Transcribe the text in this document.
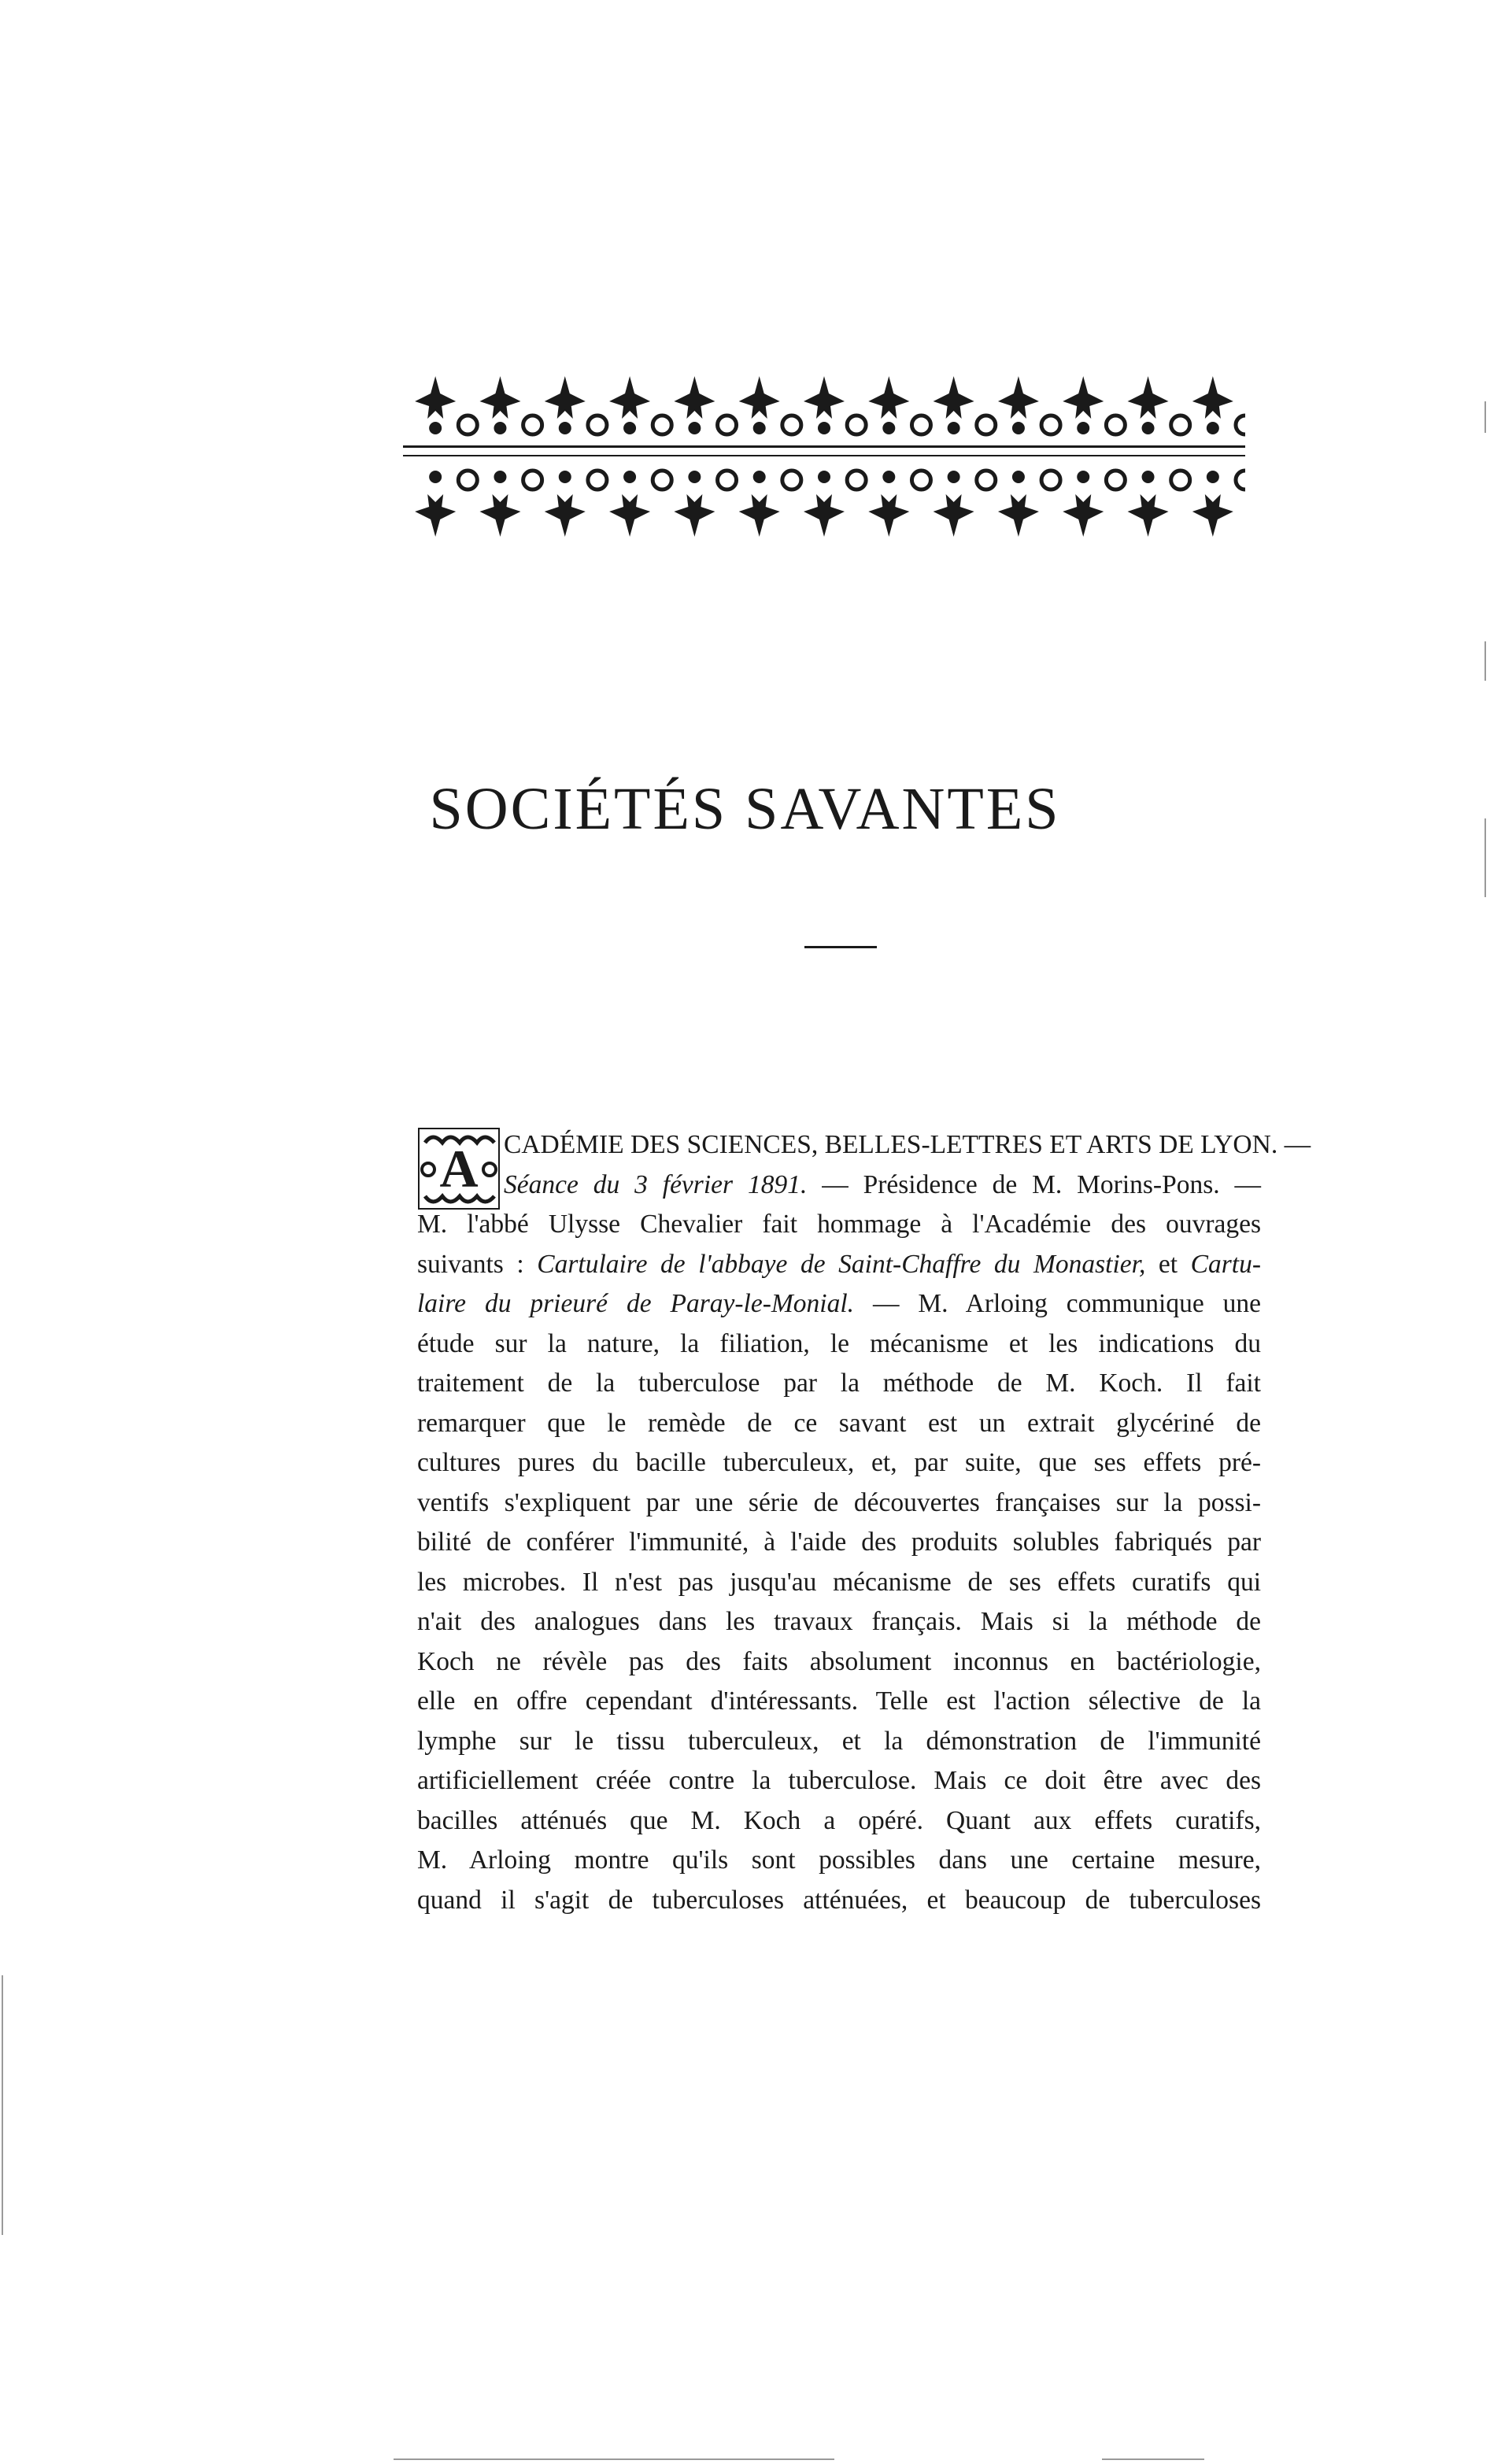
SOCIÉTÉS SAVANTES
A CADÉMIE DES SCIENCES, BELLES-LETTRES ET ARTS DE LYON. —
Séance du 3 février 1891. — Présidence de M. Morins-Pons. —
M. l'abbé Ulysse Chevalier fait hommage à l'Académie des ouvrages
suivants : Cartulaire de l'abbaye de Saint-Chaffre du Monastier, et Cartu-
laire du prieuré de Paray-le-Monial. — M. Arloing communique une
étude sur la nature, la filiation, le mécanisme et les indications du
traitement de la tuberculose par la méthode de M. Koch. Il fait
remarquer que le remède de ce savant est un extrait glycériné de
cultures pures du bacille tuberculeux, et, par suite, que ses effets pré-
ventifs s'expliquent par une série de découvertes françaises sur la possi-
bilité de conférer l'immunité, à l'aide des produits solubles fabriqués par
les microbes. Il n'est pas jusqu'au mécanisme de ses effets curatifs qui
n'ait des analogues dans les travaux français. Mais si la méthode de
Koch ne révèle pas des faits absolument inconnus en bactériologie,
elle en offre cependant d'intéressants. Telle est l'action sélective de la
lymphe sur le tissu tuberculeux, et la démonstration de l'immunité
artificiellement créée contre la tuberculose. Mais ce doit être avec des
bacilles atténués que M. Koch a opéré. Quant aux effets curatifs,
M. Arloing montre qu'ils sont possibles dans une certaine mesure,
quand il s'agit de tuberculoses atténuées, et beaucoup de tuberculoses
